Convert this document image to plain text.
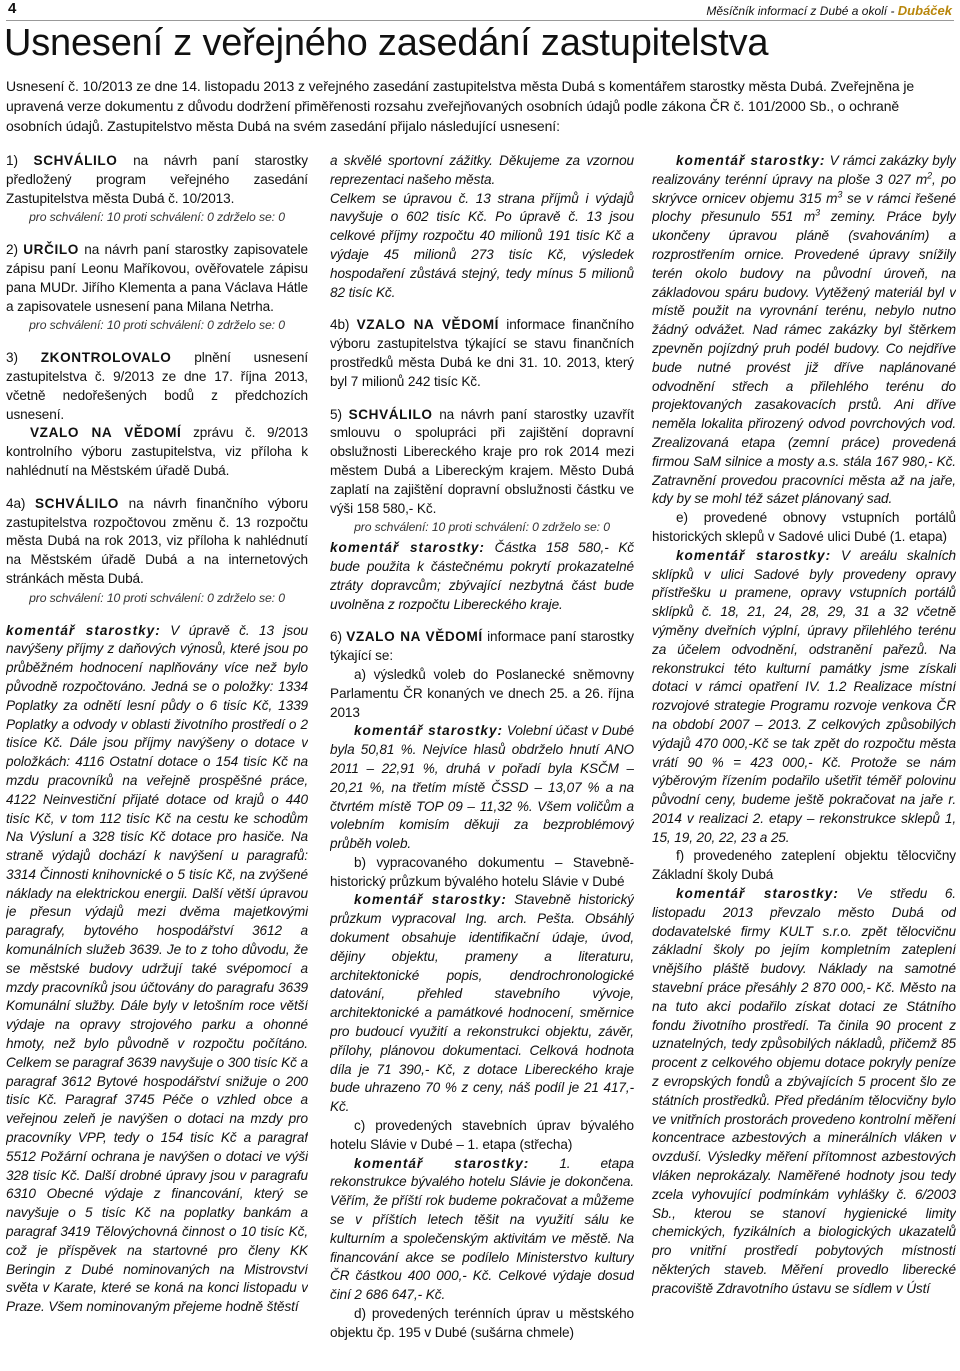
4	Měsíčník informací z Dubé a okolí - Dubáček
Usnesení z veřejného zasedání zastupitelstva

Usnesení č. 10/2013 ze dne 14. listopadu 2013 z veřejného zasedání zastupitelstva města Dubá s komentářem starostky města Dubá. Zveřejněna je upravená verze dokumentu z důvodu dodržení přiměřenosti rozsahu zveřejňovaných osobních údajů podle zákona ČR č. 101/2000 Sb., o ochraně osobních údajů. Zastupitelstvo města Dubá na svém zasedání přijalo následující usnesení:

1) SCHVÁLILO na návrh paní starostky předložený program veřejného zasedání Zastupitelstva města Dubá č. 10/2013.

pro schválení: 10 proti schválení: 0 zdrželo se: 0

2) URČILO na návrh paní starostky zapisovatele zápisu paní Leonu Maříkovou, ověřovatele zápisu pana MUDr. Jiřího Klementa a pana Václava Hátle a zapisovatele usnesení pana Milana Netrha.

pro schválení: 10 proti schválení: 0 zdrželo se: 0

3) ZKONTROLOVALO plnění usnesení zastupitelstva č. 9/2013 ze dne 17. října 2013, včetně nedořešených bodů z předchozích usnesení.

VZALO NA VĚDOMÍ zprávu č. 9/2013 kontrolního výboru zastupitelstva, viz příloha k nahlédnutí na Městském úřadě Dubá.

4a) SCHVÁLILO na návrh finančního výboru zastupitelstva rozpočtovou změnu č. 13 rozpočtu města Dubá na rok 2013, viz příloha k nahlédnutí na Městském úřadě Dubá a na internetových stránkách města Dubá.

pro schválení: 10 proti schválení: 0 zdrželo se: 0

komentář starostky: V úpravě č. 13 jsou navýšeny příjmy z daňových výnosů, které jsou po průběžném hodnocení naplňovány více než bylo původně rozpočtováno. Jedná se o položky: 1334 Poplatky za odnětí lesní půdy o 6 tisíc Kč, 1339 Poplatky a odvody v oblasti životního prostředí o 2 tisíce Kč. Dále jsou příjmy navýšeny o dotace v položkách: 4116 Ostatní dotace o 154 tisíc Kč na mzdu pracovníků na veřejně prospěšné práce, 4122 Neinvestiční přijaté dotace od krajů o 440 tisíc Kč, v tom 112 tisíc Kč na cestu ke schodům Na Výsluní a 328 tisíc Kč dotace pro hasiče. Na straně výdajů dochází k navýšení u paragrafů: 3314 Činnosti knihovnické o 5 tisíc Kč, na zvýšené náklady na elektrickou energii. Další větší úpravou je přesun výdajů mezi dvěma majetkovými paragrafy, bytového hospodářství 3612 a komunálních služeb 3639. Je to z toho důvodu, že se městské budovy udržují také svépomocí a mzdy pracovníků jsou účtovány do paragrafu 3639 Komunální služby. Dále byly v letošním roce větší výdaje na opravy strojového parku a ohonné hmoty, než bylo původně v rozpočtu počítáno. Celkem se paragraf 3639 navyšuje o 300 tisíc Kč a paragraf 3612 Bytové hospodářství snižuje o 200 tisíc Kč. Paragraf 3745 Péče o vzhled obce a veřejnou zeleň je navýšen o dotaci na mzdy pro pracovníky VPP, tedy o 154 tisíc Kč a paragraf 5512 Požární ochrana je navýšen o dotaci ve výši 328 tisíc Kč. Další drobné úpravy jsou v paragrafu 6310 Obecné výdaje z financování, který se navyšuje o 5 tisíc Kč na poplatky bankám a paragraf 3419 Tělovýchovná činnost o 10 tisíc Kč, což je příspěvek na startovné pro členy KK Beringin z Dubé nominovaných na Mistrovství světa v Karate, které se koná na konci listopadu v Praze. Všem nominovaným přejeme hodně štěstí

a skvělé sportovní zážitky. Děkujeme za vzornou reprezentaci našeho města.

Celkem se úpravou č. 13 strana příjmů i výdajů navyšuje o 602 tisíc Kč. Po úpravě č. 13 jsou celkové příjmy rozpočtu 40 milionů 191 tisíc Kč a výdaje 45 milionů 273 tisíc Kč, výsledek hospodaření zůstává stejný, tedy mínus 5 milionů 82 tisíc Kč.

4b) VZALO NA VĚDOMÍ informace finančního výboru zastupitelstva týkající se stavu finančních prostředků města Dubá ke dni 31. 10. 2013, který byl 7 milionů 242 tisíc Kč.

5) SCHVÁLILO na návrh paní starostky uzavřít smlouvu o spolupráci při zajištění dopravní obslužnosti Libereckého kraje pro rok 2014 mezi městem Dubá a Libereckým krajem. Město Dubá zaplatí na zajištění dopravní obslužnosti částku ve výši 158 580,- Kč.

pro schválení: 10 proti schválení: 0 zdrželo se: 0

komentář starostky: Částka 158 580,- Kč bude použita k částečnému pokrytí prokazatelné ztráty dopravcům; zbývající nezbytná část bude uvolněna z rozpočtu Libereckého kraje.

6) VZALO NA VĚDOMÍ informace paní starostky týkající se:

a) výsledků voleb do Poslanecké sněmovny Parlamentu ČR konaných ve dnech 25. a 26. října 2013

komentář starostky: Volební účast v Dubé byla 50,81 %. Nejvíce hlasů obdrželo hnutí ANO 2011 – 22,91 %, druhá v pořadí byla KSČM – 20,21 %, na třetím místě ČSSD – 13,07 % a na čtvrtém místě TOP 09 – 11,32 %. Všem voličům a volebním komisím děkuji za bezproblémový průběh voleb.

b) vypracovaného dokumentu – Stavebně-historický průzkum bývalého hotelu Slávie v Dubé

komentář starostky: Stavebně historický průzkum vypracoval Ing. arch. Pešta. Obsáhlý dokument obsahuje identifikační údaje, úvod, dějiny objektu, prameny a literaturu, architektonické popis, dendrochronologické datování, přehled stavebního vývoje, architektonické a památkové hodnocení, směrnice pro budoucí využití a rekonstrukci objektu, závěr, přílohy, plánovou dokumentaci. Celková hodnota díla je 71 390,- Kč, z dotace Libereckého kraje bude uhrazeno 70 % z ceny, náš podíl je 21 417,- Kč.

c) provedených stavebních úprav bývalého hotelu Slávie v Dubé – 1. etapa (střecha)

komentář starostky: 1. etapa rekonstrukce bývalého hotelu Slávie je dokončena. Věřím, že příští rok budeme pokračovat a můžeme se v příštích letech těšit na využití sálu ke kulturním a společenským aktivitám ve městě. Na financování akce se podílelo Ministerstvo kultury ČR částkou 400 000,- Kč. Celkové výdaje dosud činí 2 686 647,- Kč.

d) provedených terénních úprav u městského objektu čp. 195 v Dubé (sušárna chmele)

komentář starostky: V rámci zakázky byly realizovány terénní úpravy na ploše 3 027 $m^2$, po skrývce ornicev objemu 315 $m^3$ se v rámci řešené plochy přesunulo 551 $m^3$ zeminy. Práce byly ukončeny úpravou pláně (svahováním) a rozprostřením ornice. Provedené úpravy snížily terén okolo budovy na původní úroveň, na základovou spáru budovy. Vytěžený materiál byl v místě použit na vyrovnání terénu, nebylo nutno žádný odvážet. Nad rámec zakázky byl štěrkem zpevněn pojízdný pruh podél budovy. Co nejdříve bude nutné provést již dříve naplánované odvodnění střech a přilehlého terénu do projektovaných zasakovacích prstů. Ani dříve neměla lokalita přirozený odvod povrchových vod. Zrealizovaná etapa (zemní práce) provedená firmou SaM silnice a mosty a.s. stála 167 980,- Kč. Zatravnění provedou pracovníci města až na jaře, kdy by se mohl též sázet plánovaný sad.

e) provedené obnovy vstupních portálů historických sklepů v Sadové ulici Dubé (1. etapa)

komentář starostky: V areálu skalních sklípků v ulici Sadové byly provedeny opravy přístřešku u pramene, opravy vstupních portálů sklípků č. 18, 21, 24, 28, 29, 31 a 32 včetně výměny dveřních výplní, úpravy přilehlého terénu za účelem odvodnění, odstranění pařezů. Na rekonstrukci této kulturní památky jsme získali dotaci v rámci opatření IV. 1.2 Realizace místní rozvojové strategie Programu rozvoje venkova ČR na období 2007 – 2013. Z celkových způsobilých výdajů 470 000,-Kč se tak zpět do rozpočtu města vrátí 90 % = 423 000,- Kč. Protože se nám výběrovým řízením podařilo ušetřit téměř polovinu původní ceny, budeme ještě pokračovat na jaře r. 2014 v realizaci 2. etapy – rekonstrukce sklepů 1, 15, 19, 20, 22, 23 a 25.

f) provedeného zateplení objektu tělocvičny Základní školy Dubá

komentář starostky: Ve středu 6. listopadu 2013 převzalo město Dubá od dodavatelské firmy KULT s.r.o. zpět tělocvičnu základní školy po jejím kompletním zateplení vnějšího pláště budovy. Náklady na samotné stavební práce přesáhly 2 870 000,- Kč. Město na na tuto akci podařilo získat dotaci ze Státního fondu životního prostředí. Ta činila 90 procent z uznatelných, tedy způsobilých nákladů, přičemž 85 procent z celkového objemu dotace pokryly peníze z evropských fondů a zbývajících 5 procent šlo ze státních prostředků. Před předáním tělocvičny bylo ve vnitřních prostorách provedeno kontrolní měření koncentrace azbestových a minerálních vláken v ovzduší. Výsledky měření přítomnost azbestových vláken neprokázaly. Naměřené hodnoty jsou tedy zcela vyhovující podmínkám vyhlášky č. 6/2003 Sb., kterou se stanoví hygienické limity chemických, fyzikálních a biologických ukazatelů pro vnitřní prostředí pobytových místností některých staveb. Měření provedlo liberecké pracoviště Zdravotního ústavu se sídlem v Ústí
